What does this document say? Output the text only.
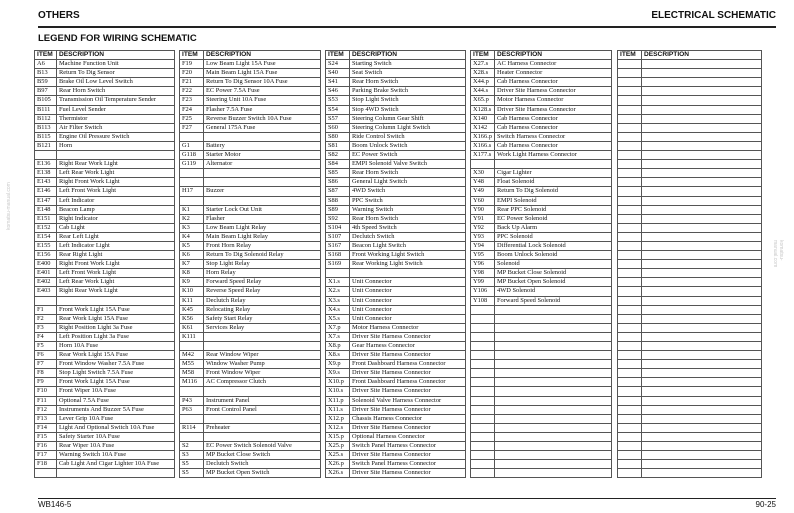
OTHERS	ELECTRICAL SCHEMATIC
LEGEND FOR WIRING SCHEMATIC
ITEM	DESCRIPTION
A6	Machine Function Unit
B13	Return To Dig Sensor
B59	Brake Oil Low Level Switch
B97	Rear Horn Switch
B105	Transmission Oil Temperature Sender
B111	Fuel Level Sender
B112	Thermistor
B113	Air Filter Switch
B115	Engine Oil Pressure Switch
B121	Horn

E136	Right Rear Work Light
E138	Left Rear Work Light
E143	Right Front Work Light
E146	Left Front Work Light
E147	Left Indicator
E148	Beacon Lamp
E151	Right Indicator
E152	Cab Light
E154	Rear Left Light
E155	Left Indicator Light
E156	Rear Right Light
E400	Right Front Work Light
E401	Left Front Work Light
E402	Left Rear Work Light
E403	Right Rear Work Light

F1	Front Work Light 15A Fuse
F2	Rear Work Light 15A Fuse
F3	Right Position Light 3a Fuse
F4	Left Position Light 3a Fuse
F5	Horn 10A Fuse
F6	Rear Work Light 15A Fuse
F7	Front Window Washer 7.5A Fuse
F8	Stop Light Switch 7.5A Fuse
F9	Front Work Light 15A Fuse
F10	Front Wiper 10A Fuse
F11	Optional 7.5A Fuse
F12	Instruments And Buzzer 5A Fuse
F13	Lever Grip 10A Fuse
F14	Light And Optional Switch 10A Fuse
F15	Safety Starter 10A Fuse
F16	Rear Wiper 10A Fuse
F17	Warning Switch 10A Fuse
F18	Cab Light And Cigar Lighter 10A Fuse

ITEM	DESCRIPTION
F19	Low Beam Light 15A Fuse
F20	Main Beam Light 15A Fuse
F21	Return To Dig Sensor 10A Fuse
F22	EC Power 7.5A Fuse
F23	Steering Unit 10A Fuse
F24	Flasher 7.5A Fuse
F25	Reverse Buzzer Switch 10A Fuse
F27	General 175A Fuse

G1	Battery
G118	Starter Motor
G119	Alternator

H17	Buzzer

K1	Starter Lock Out Unit
K2	Flasher
K3	Low Beam Light Relay
K4	Main Beam Light Relay
K5	Front Horn Relay
K6	Return To Dig Solenoid Relay
K7	Stop Light Relay
K8	Horn Relay
K9	Forward Speed Relay
K10	Reverse Speed Relay
K11	Declutch Relay
K45	Relocating Relay
K56	Safety Start Relay
K61	Services Relay
K111	

M42	Rear Window Wiper
M55	Window Washer Pump
M58	Front Window Wiper
M116	AC Compressor Clutch

P43	Instrument Panel
P63	Front Control Panel

R114	Preheater

S2	EC Power Switch Solenoid Valve
S3	MP Bucket Close Switch
S5	Declutch Switch
S5	MP Bucket Open Switch
ITEM	DESCRIPTION
S24	Starting Switch
S40	Seat Switch
S41	Rear Horn Switch
S46	Parking Brake Switch
S53	Stop Light Switch
S54	Stop 4WD Switch
S57	Steering Column Gear Shift
S60	Steering Column Light Switch
S80	Ride Control Switch
S81	Boom Unlock Switch
S82	EC Power Switch
S84	EMPI Solenoid Valve Switch
S85	Rear Horn Switch
S86	General Light Switch
S87	4WD Switch
S88	PPC Switch
S89	Warning Switch
S92	Rear Horn Switch
S104	4th Speed Switch
S107	Declutch Switch
S167	Beacon Light Switch
S168	Front Working Light Switch
S169	Rear Working Light Switch

X1.s	Unit Connector
X2.s	Unit Connector
X3.s	Unit Connector
X4.s	Unit Connector
X5.s	Unit Connector
X7.p	Motor Harness Connector
X7.s	Driver Site Harness Connector
X8.p	Gear Harness Connector
X8.s	Driver Site Harness Connector
X9.p	Front Dashboard Harness Connector
X9.s	Driver Site Harness Connector
X10.p	Front Dashboard Harness Connector
X10.s	Driver Site Harness Connector
X11.p	Solenoid Valve Harness Connector
X11.s	Driver Site Harness Connector
X12.p	Chassis Harness Connector
X12.s	Driver Site Harness Connector
X15.p	Optional Harness Connector
X25.p	Switch Panel Harness Connector
X25.s	Driver Site Harness Connector
X26.p	Switch Panel Harness Connector
X26.s	Driver Site Harness Connector
ITEM	DESCRIPTION
X27.s	AC Harness Connector
X28.s	Heater Connector
X44.p	Cab Harness Connector
X44.s	Driver Site Harness Connector
X65.p	Motor Harness Connector
X128.s	Driver Site Harness Connector
X140	Cab Harness Connector
X142	Cab Harness Connector
X166.p	Switch Harness Connector
X166.s	Cab Harness Connector
X177.s	Work Light Harness Connector

X30	Cigar Lighter
Y48	Float Solenoid
Y49	Return To Dig Solenoid
Y60	EMPI Solenoid
Y90	Rear PPC Solenoid
Y91	EC Power Solenoid
Y92	Back Up Alarm
Y93	PPC Solenoid
Y94	Differential Lock Solenoid
Y95	Boom Unlock Solenoid
Y96	Solenoid
Y98	MP Bucket Close Solenoid
Y99	MP Bucket Open Solenoid
Y106	4WD Solenoid
Y108	Forward Speed Solenoid

ITEM	DESCRIPTION

WB146-5	90-25
komatsu-manual.com
komatsu-manual.com
